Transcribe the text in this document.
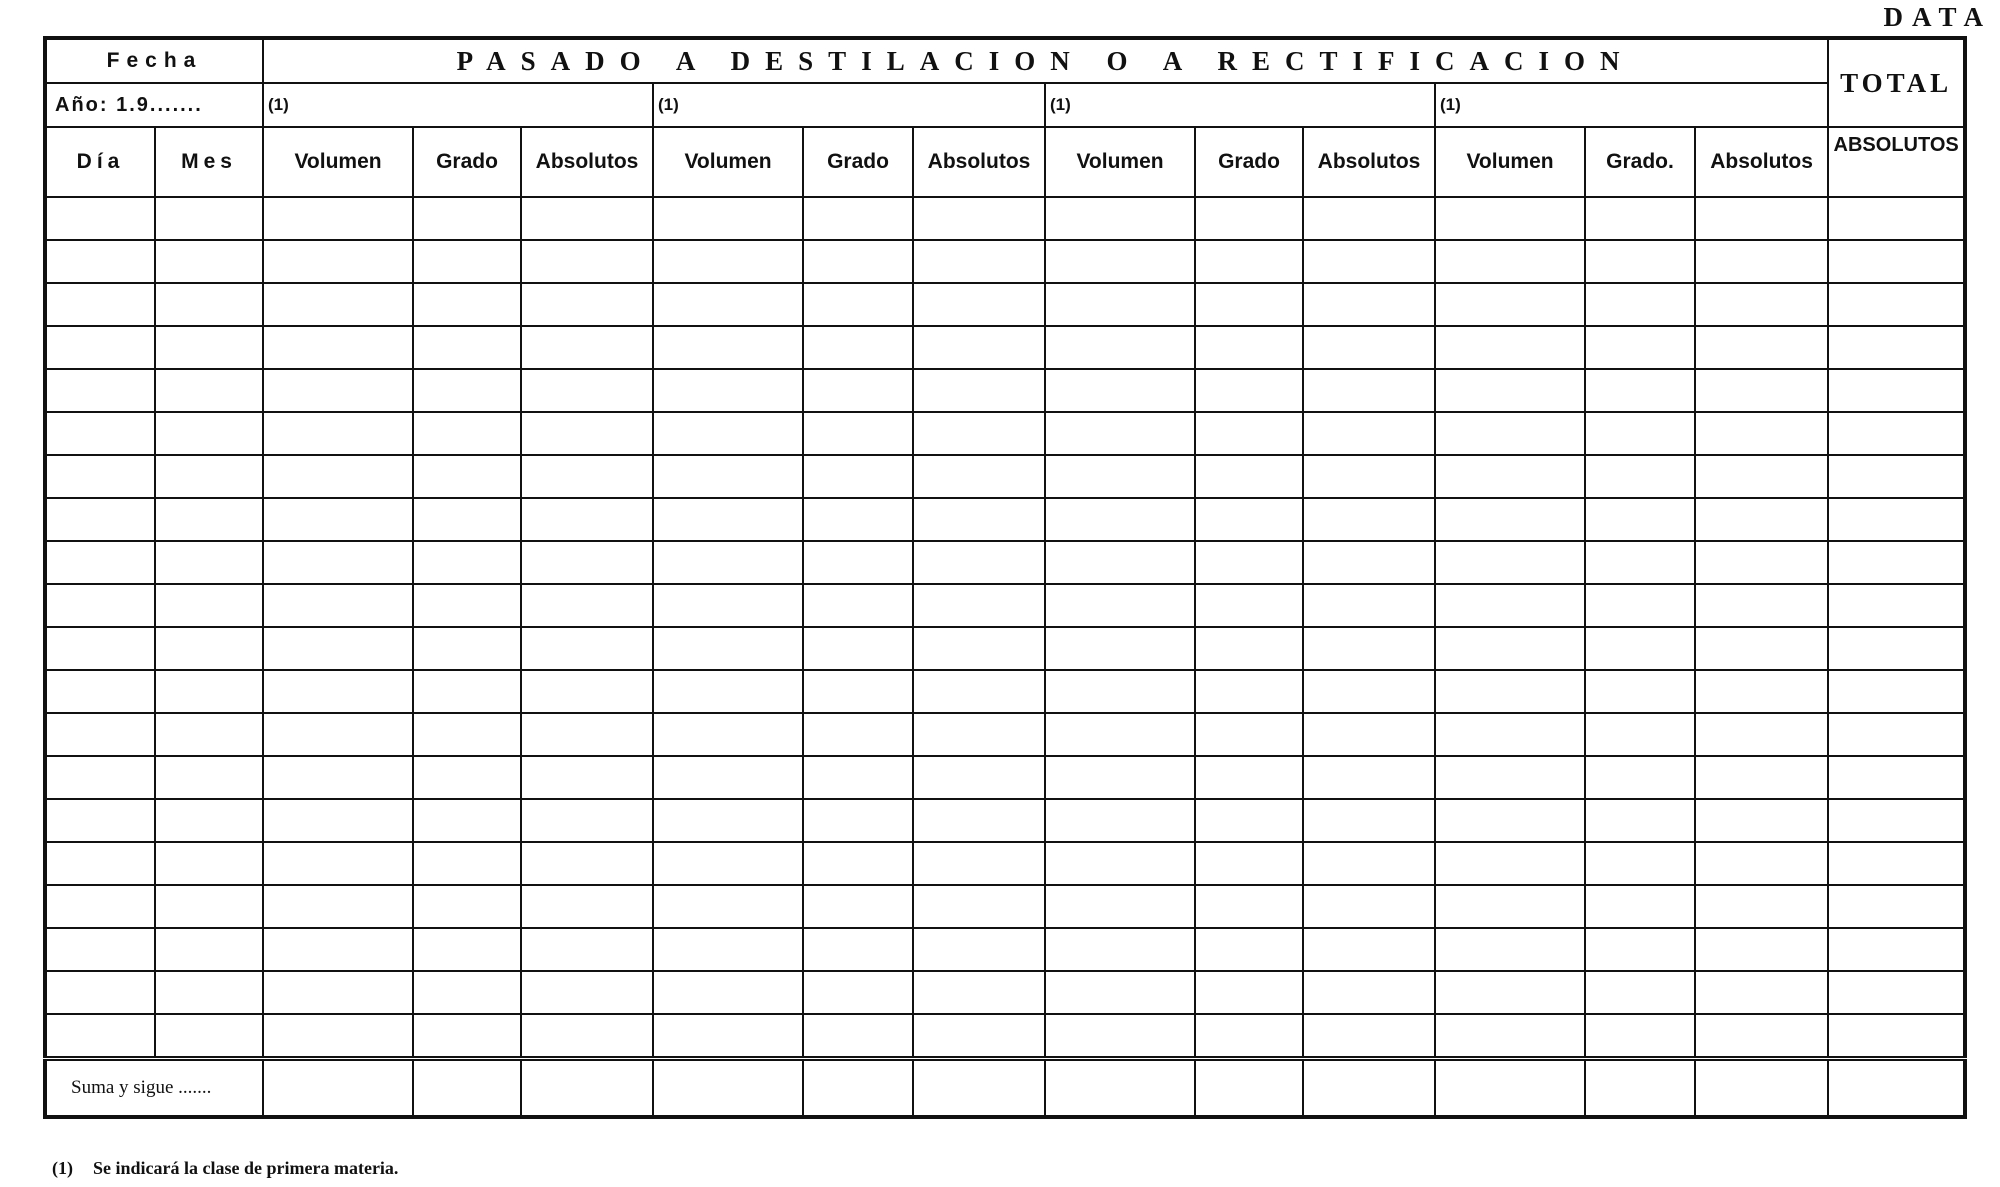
DATA
Fecha		PASADO A DESTILACION O A RECTIFICACION												TOTAL
Año: 1.9.......		(1)			(1)			(1)			(1)			
Día	Mes	Volumen	Grado	Absolutos	Volumen	Grado	Absolutos	Volumen	Grado	Absolutos	Volumen	Grado.	Absolutos	ABSOLUTOS

Suma y sigue .......														
(1) Se indicará la clase de primera materia.
